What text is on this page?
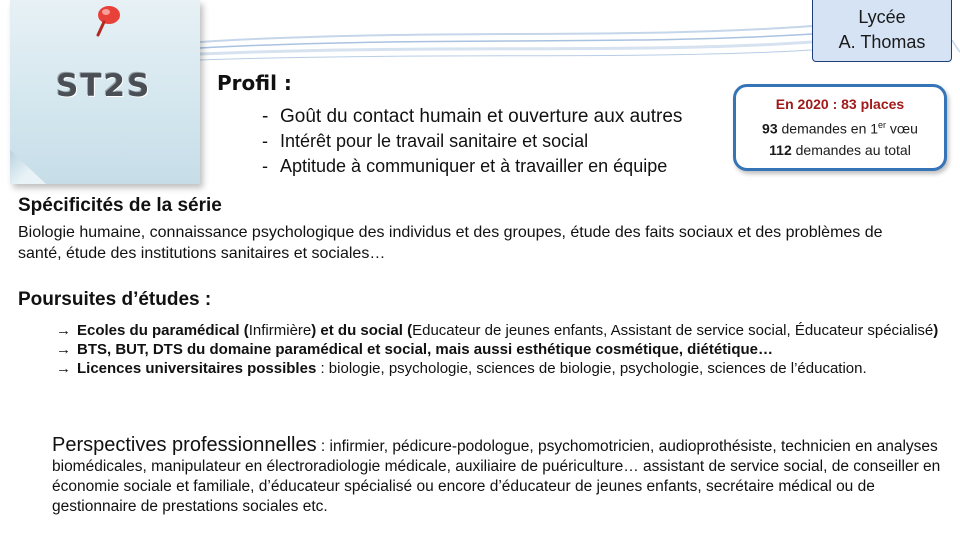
ST2S
Lycée
A. Thomas
Profil :
- Goût du contact humain et ouverture aux autres
- Intérêt pour le travail sanitaire et social
- Aptitude à communiquer et à travailler en équipe
En 2020 : 83 places
93 demandes en 1er vœu
112 demandes au total
Spécificités de la série
Biologie humaine, connaissance psychologique des individus et des groupes, étude des faits sociaux et des problèmes de santé, étude des institutions sanitaires et sociales…
Poursuites d’études :

→ Ecoles du paramédical (Infirmière) et du social (Educateur de jeunes enfants, Assistant de service social, Éducateur spécialisé)

→ BTS, BUT, DTS du domaine paramédical et social, mais aussi esthétique cosmétique, diététique…

→ Licences universitaires possibles : biologie, psychologie, sciences de biologie, psychologie, sciences de l’éducation.

Perspectives professionnelles : infirmier, pédicure-podologue, psychomotricien, audioprothésiste, technicien en analyses biomédicales, manipulateur en électroradiologie médicale, auxiliaire de puériculture… assistant de service social, de conseiller en économie sociale et familiale, d’éducateur spécialisé ou encore d’éducateur de jeunes enfants, secrétaire médical ou de gestionnaire de prestations sociales etc.
